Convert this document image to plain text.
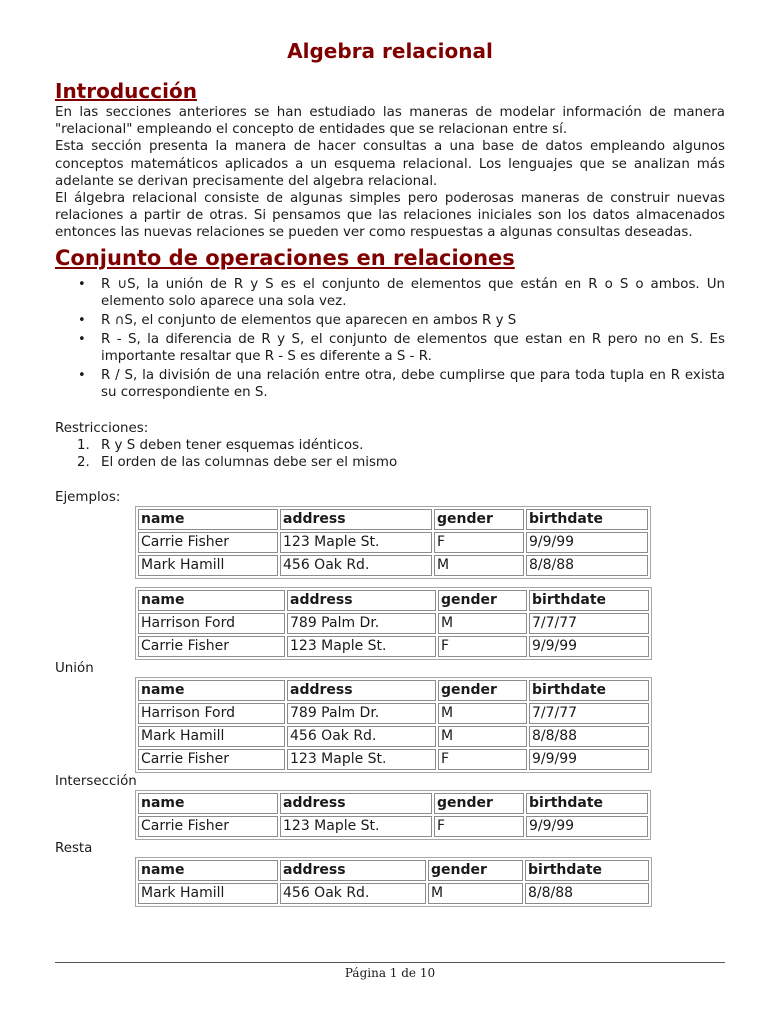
Algebra relacional
Introducción

En las secciones anteriores se han estudiado las maneras de modelar información de manera "relacional" empleando el concepto de entidades que se relacionan entre sí.

Esta sección presenta la manera de hacer consultas a una base de datos empleando algunos conceptos matemáticos aplicados a un esquema relacional. Los lenguajes que se analizan más adelante se derivan precisamente del algebra relacional.

El álgebra relacional consiste de algunas simples pero poderosas maneras de construir nuevas relaciones a partir de otras. Si pensamos que las relaciones iniciales son los datos almacenados entonces las nuevas relaciones se pueden ver como respuestas a algunas consultas deseadas.

Conjunto de operaciones en relaciones
• R ∪S, la unión de R y S es el conjunto de elementos que están en R o S o ambos. Un elemento solo aparece una sola vez.
• R ∩S, el conjunto de elementos que aparecen en ambos R y S
• R - S, la diferencia de R y S, el conjunto de elementos que estan en R pero no en S. Es importante resaltar que R - S es diferente a S - R.
• R / S, la división de una relación entre otra, debe cumplirse que para toda tupla en R exista su correspondiente en S.

Restricciones:

1. R y S deben tener esquemas idénticos.
2. El orden de las columnas debe ser el mismo

Ejemplos:

name	address	gender	birthdate
Carrie Fisher	123 Maple St.	F	9/9/99
Mark Hamill	456 Oak Rd.	M	8/8/88
name	address	gender	birthdate
Harrison Ford	789 Palm Dr.	M	7/7/77
Carrie Fisher	123 Maple St.	F	9/9/99

Unión

name	address	gender	birthdate
Harrison Ford	789 Palm Dr.	M	7/7/77
Mark Hamill	456 Oak Rd.	M	8/8/88
Carrie Fisher	123 Maple St.	F	9/9/99

Intersección

name	address	gender	birthdate
Carrie Fisher	123 Maple St.	F	9/9/99

Resta

name	address	gender	birthdate
Mark Hamill	456 Oak Rd.	M	8/8/88
Página 1 de 10
